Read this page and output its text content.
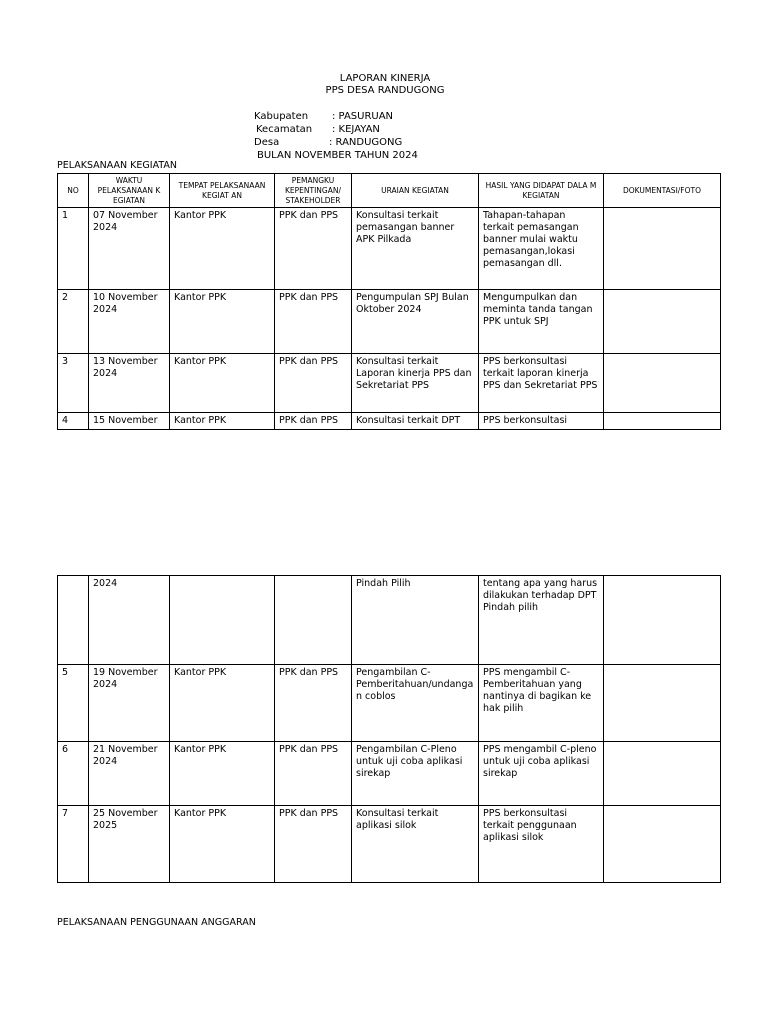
LAPORAN KINERJA
PPS DESA RANDUGONG
Kabupaten : PASURUAN
Kecamatan : KEJAYAN
Desa	: RANDUGONG
BULAN NOVEMBER TAHUN 2024
PELAKSANAAN KEGIATAN
NO	WAKTU PELAKSANAAN K EGIATAN	TEMPAT PELAKSANAAN KEGIAT AN	PEMANGKU KEPENTINGAN/ STAKEHOLDER	URAIAN KEGIATAN	HASIL YANG DIDAPAT DALA M KEGIATAN	DOKUMENTASI/FOTO
1	07 November 2024	Kantor PPK	PPK dan PPS	Konsultasi terkait pemasangan banner APK Pilkada	Tahapan-tahapan terkait pemasangan banner mulai waktu pemasangan,lokasi pemasangan dll.	
2	10 November 2024	Kantor PPK	PPK dan PPS	Pengumpulan SPJ Bulan Oktober 2024	Mengumpulkan dan meminta tanda tangan PPK untuk SPJ	
3	13 November 2024	Kantor PPK	PPK dan PPS	Konsultasi terkait Laporan kinerja PPS dan Sekretariat PPS	PPS berkonsultasi terkait laporan kinerja PPS dan Sekretariat PPS	
4	15 November	Kantor PPK	PPK dan PPS	Konsultasi terkait DPT	PPS berkonsultasi	
	2024			Pindah Pilih	tentang apa yang harus dilakukan terhadap DPT Pindah pilih	

5	19 November 2024	Kantor PPK	PPK dan PPS	Pengambilan C-Pemberitahuan/undangan coblos	PPS mengambil C-Pemberitahuan yang nantinya di bagikan ke hak pilih	
6	21 November 2024	Kantor PPK	PPK dan PPS	Pengambilan C-Pleno untuk uji coba aplikasi sirekap	PPS mengambil C-pleno untuk uji coba aplikasi sirekap	
7	25 November 2025	Kantor PPK	PPK dan PPS	Konsultasi terkait aplikasi silok	PPS berkonsultasi terkait penggunaan aplikasi silok	
PELAKSANAAN PENGGUNAAN ANGGARAN
